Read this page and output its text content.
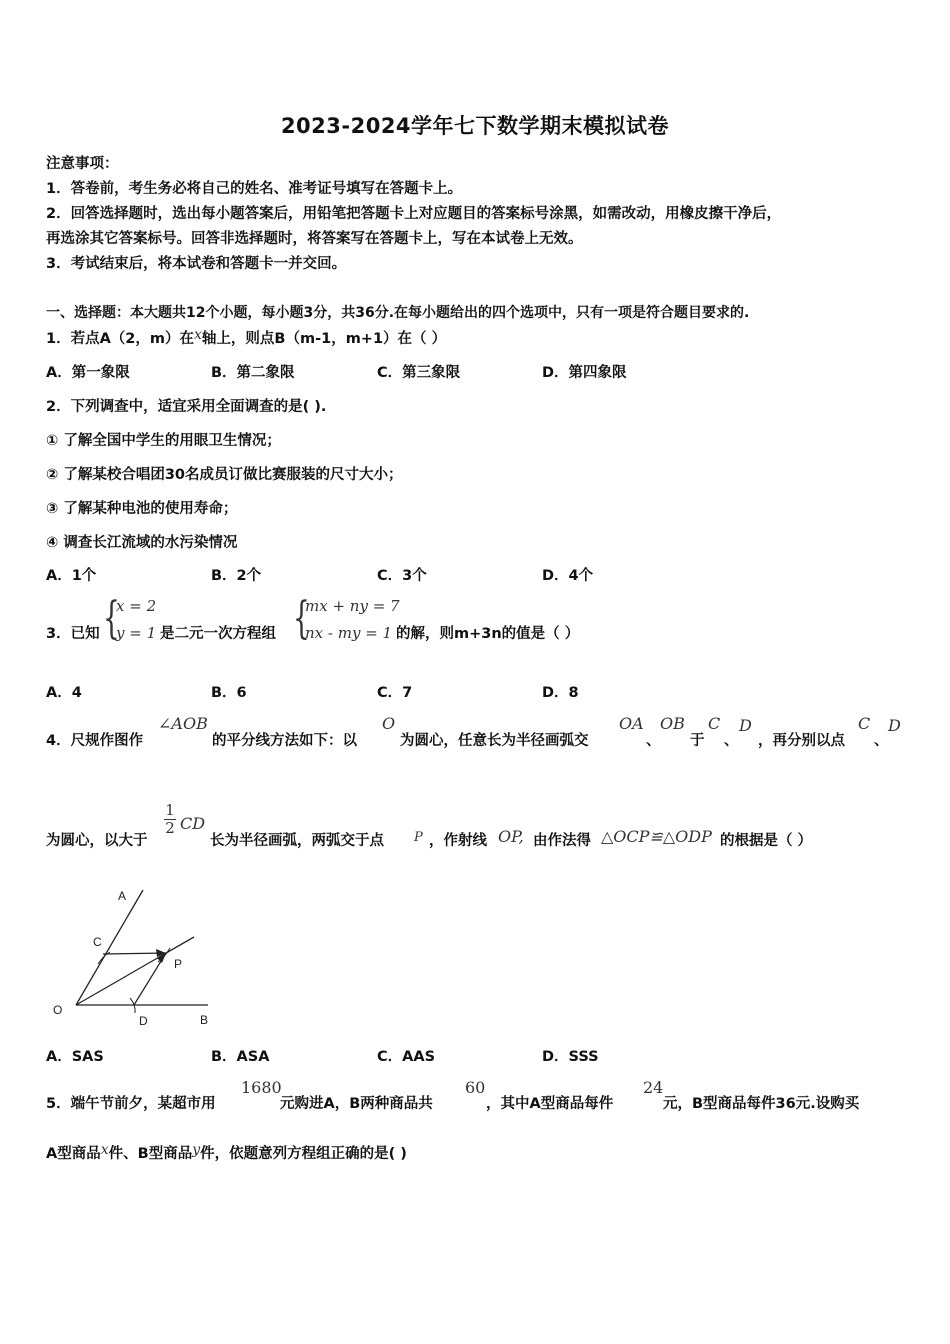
2023-2024学年七下数学期末模拟试卷
注意事项：
1．答卷前，考生务必将自己的姓名、准考证号填写在答题卡上。
2．回答选择题时，选出每小题答案后，用铅笔把答题卡上对应题目的答案标号涂黑，如需改动，用橡皮擦干净后，
再选涂其它答案标号。回答非选择题时，将答案写在答题卡上，写在本试卷上无效。
3．考试结束后，将本试卷和答题卡一并交回。
一、选择题：本大题共12个小题，每小题3分，共36分.在每小题给出的四个选项中，只有一项是符合题目要求的.
1．若点A（2，m）在x轴上，则点B（m-1，m+1）在（ ）
A．第一象限	B．第二象限	C．第三象限	D．第四象限
2．下列调查中，适宜采用全面调查的是( ).
① 了解全国中学生的用眼卫生情况；
② 了解某校合唱团30名成员订做比赛服装的尺寸大小；
③ 了解某种电池的使用寿命；
④ 调查长江流域的水污染情况
A．1个	B．2个	C．3个	D．4个
3．已知 {
x = 2
y = 1 是二元一次方程组 {
mx + ny = 7
nx - my = 1 的解，则m+3n的值是（ ）
A．4	B．6	C．7	D．8
4．尺规作图作
∠AOB
的平分线方法如下：以
O
为圆心，任意长为半径画弧交
OA
、
OB
于
C
、
D
，再分别以点
C
、
D
为圆心，以大于
1
2 CD
长为半径画弧，两弧交于点 P ，作射线 OP, 由作法得 △OCP≌△ODP 的根据是（ ）
A
C
P
O
D	B
A．SAS	B．ASA	C．AAS	D．SSS
5．端午节前夕，某超市用
1680
元购进A，B两种商品共
60
，其中A型商品每件
24
元，B型商品每件36元.设购买
A型商品x件、B型商品y件，依题意列方程组正确的是( )
